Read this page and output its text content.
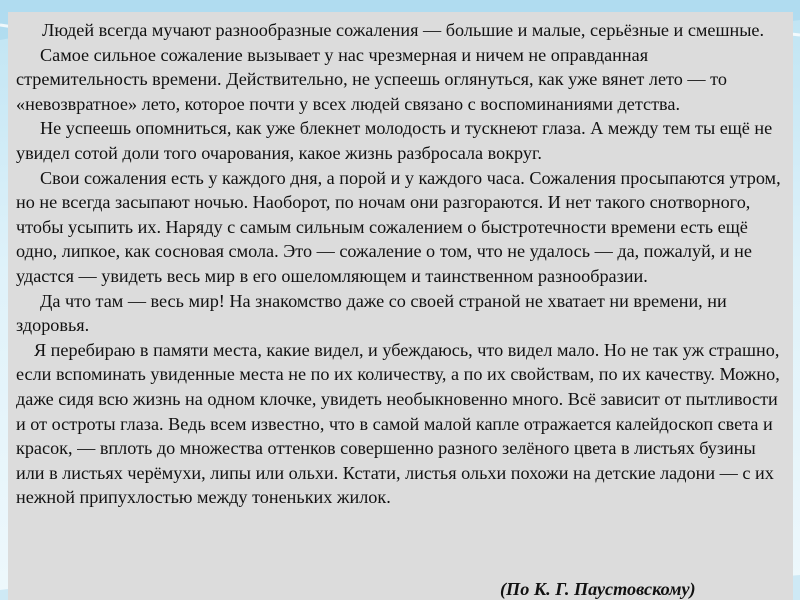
Людей всегда мучают разнообразные сожаления — большие и малые, серьёзные и смешные.

Самое сильное сожаление вызывает у нас чрезмерная и ничем не оправданная стремительность времени. Действительно, не успеешь оглянуться, как уже вянет лето — то «невозвратное» лето, которое почти у всех людей связано с воспоминаниями детства.

Не успеешь опомниться, как уже блекнет молодость и тускнеют глаза. А между тем ты ещё не увидел сотой доли того очарования, какое жизнь разбросала вокруг.

Свои сожаления есть у каждого дня, а порой и у каждого часа. Сожаления просыпаются утром, но не всегда засыпают ночью. Наоборот, по ночам они разгораются. И нет такого снотворного, чтобы усыпить их. Наряду с самым сильным сожалением о быстротечности времени есть ещё одно, липкое, как сосновая смола. Это — сожаление о том, что не удалось — да, пожалуй, и не удастся — увидеть весь мир в его ошеломляющем и таинственном разнообразии.

Да что там — весь мир! На знакомство даже со своей страной не хватает ни времени, ни здоровья.

Я перебираю в памяти места, какие видел, и убеждаюсь, что видел мало. Но не так уж страшно, если вспоминать увиденные места не по их количеству, а по их свойствам, по их качеству. Можно, даже сидя всю жизнь на одном клочке, увидеть необыкновенно много. Всё зависит от пытливости и от остроты глаза. Ведь всем известно, что в самой малой капле отражается калейдоскоп света и красок, — вплоть до множества оттенков совершенно разного зелёного цвета в листьях бузины или в листьях черёмухи, липы или ольхи. Кстати, листья ольхи похожи на детские ладони — с их нежной припухлостью между тоненьких жилок.

(По К. Г. Паустовскому)
